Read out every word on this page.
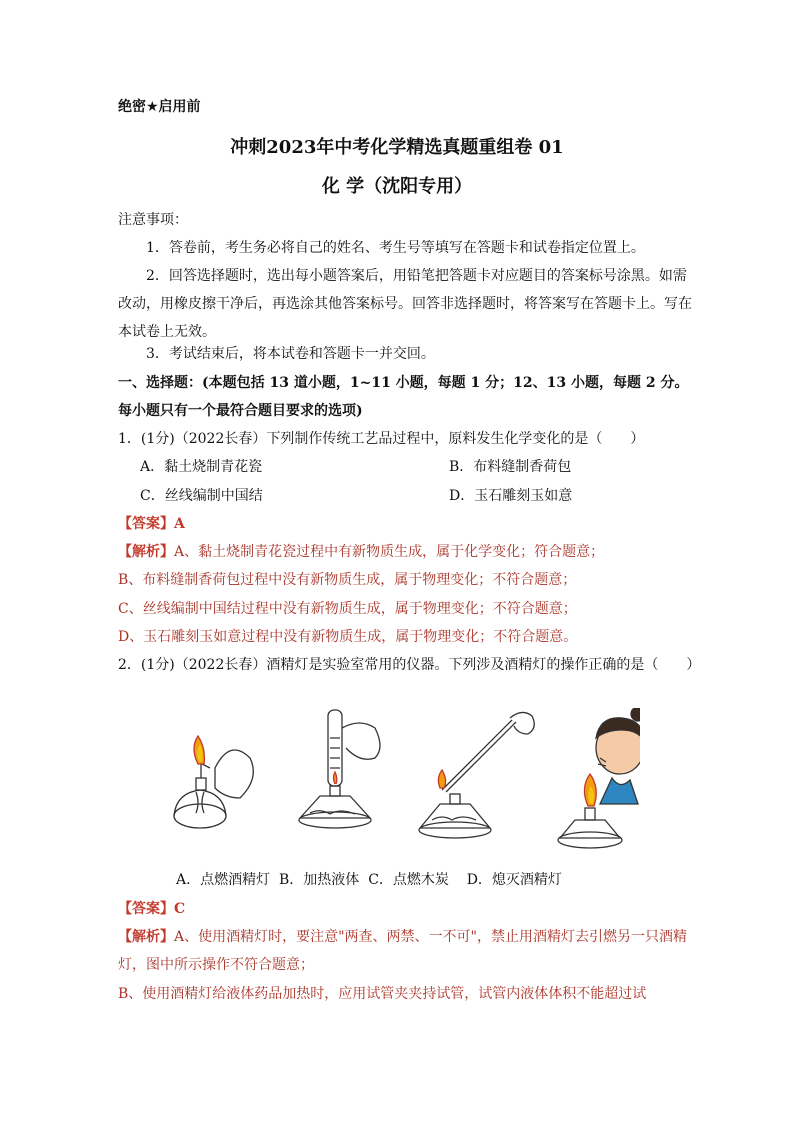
绝密★启用前
冲刺2023年中考化学精选真题重组卷 01
化 学（沈阳专用）
注意事项：
1．答卷前，考生务必将自己的姓名、考生号等填写在答题卡和试卷指定位置上。
2．回答选择题时，选出每小题答案后，用铅笔把答题卡对应题目的答案标号涂黑。如需改动，用橡皮擦干净后，再选涂其他答案标号。回答非选择题时，将答案写在答题卡上。写在本试卷上无效。
3．考试结束后，将本试卷和答题卡一并交回。
一、选择题：(本题包括 13 道小题，1~11 小题，每题 1 分；12、13 小题，每题 2 分。每小题只有一个最符合题目要求的选项)
1．(1分)（2022长春）下列制作传统工艺品过程中，原料发生化学变化的是（　　）
A．黏土烧制青花瓷	B．布料缝制香荷包
C．丝线编制中国结	D．玉石雕刻玉如意
【答案】A
【解析】A、黏土烧制青花瓷过程中有新物质生成，属于化学变化；符合题意；
B、布料缝制香荷包过程中没有新物质生成，属于物理变化；不符合题意；
C、丝线编制中国结过程中没有新物质生成，属于物理变化；不符合题意；
D、玉石雕刻玉如意过程中没有新物质生成，属于物理变化；不符合题意。
2．(1分)（2022长春）酒精灯是实验室常用的仪器。下列涉及酒精灯的操作正确的是（　　）
A．点燃酒精灯  B．加热液体  C．点燃木炭    D．熄灭酒精灯
【答案】C
【解析】A、使用酒精灯时，要注意"两查、两禁、一不可"，禁止用酒精灯去引燃另一只酒精灯，图中所示操作不符合题意；
B、使用酒精灯给液体药品加热时，应用试管夹夹持试管，试管内液体体积不能超过试
